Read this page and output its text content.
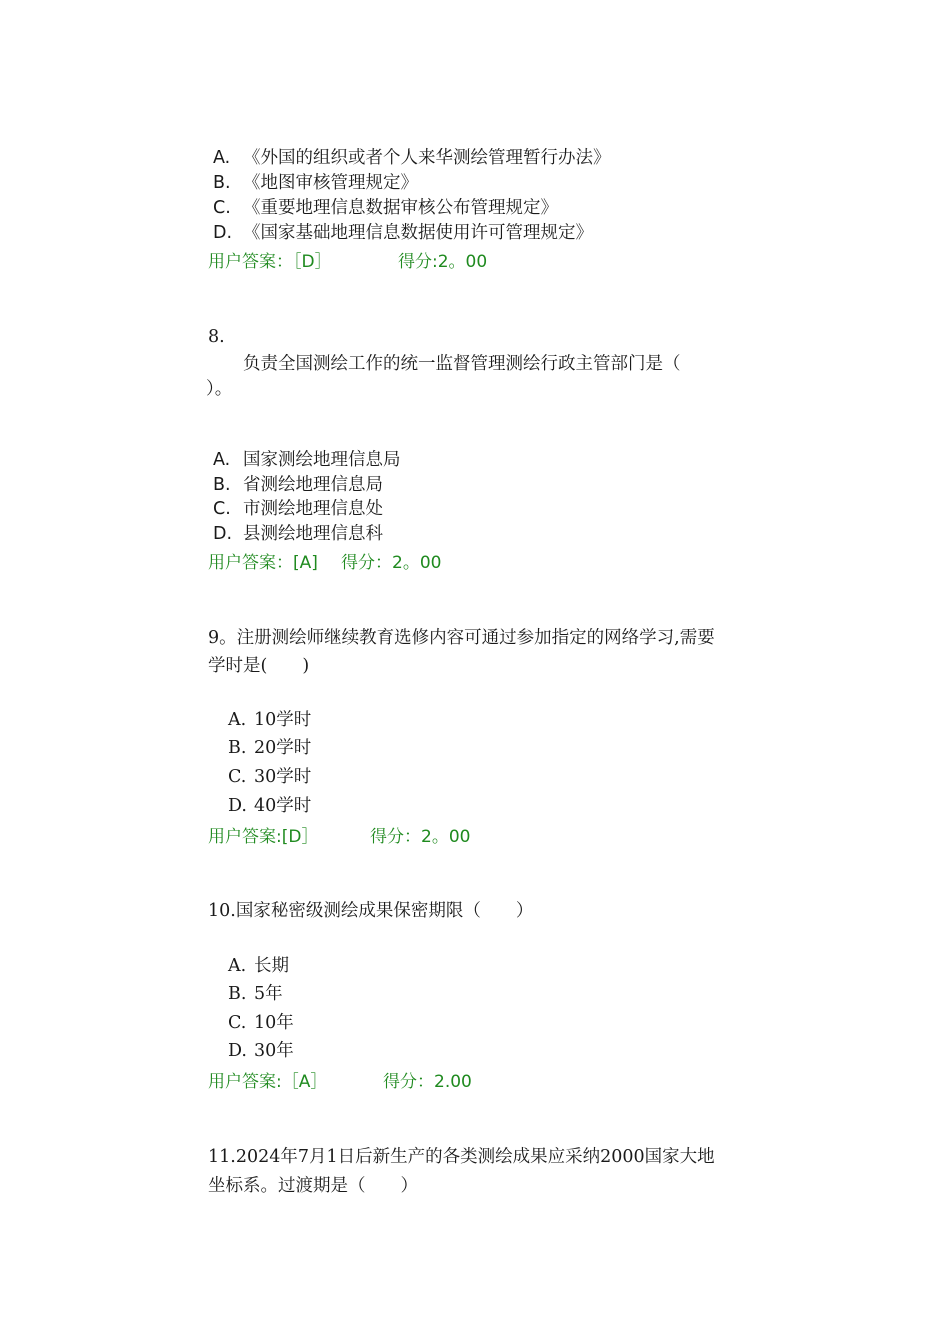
A. 《外国的组织或者个人来华测绘管理暂行办法》
B. 《地图审核管理规定》
C. 《重要地理信息数据审核公布管理规定》
D. 《国家基础地理信息数据使用许可管理规定》
用户答案：［D］	得分:2。00
8.
负责全国测绘工作的统一监督管理测绘行政主管部门是（
）。
A. 国家测绘地理信息局
B. 省测绘地理信息局
C. 市测绘地理信息处
D. 县测绘地理信息科
用户答案：[A] 得分：2。00
9。注册测绘师继续教育选修内容可通过参加指定的网络学习,需要
学时是(　　)
A. 10学时
B. 20学时
C. 30学时
D. 40学时
用户答案:[D］	得分：2。00
10.国家秘密级测绘成果保密期限（　　）
A. 长期
B. 5年
C. 10年
D. 30年
用户答案:［A］	得分：2.00
11.2024年7月1日后新生产的各类测绘成果应采纳2000国家大地
坐标系。过渡期是（　　）
